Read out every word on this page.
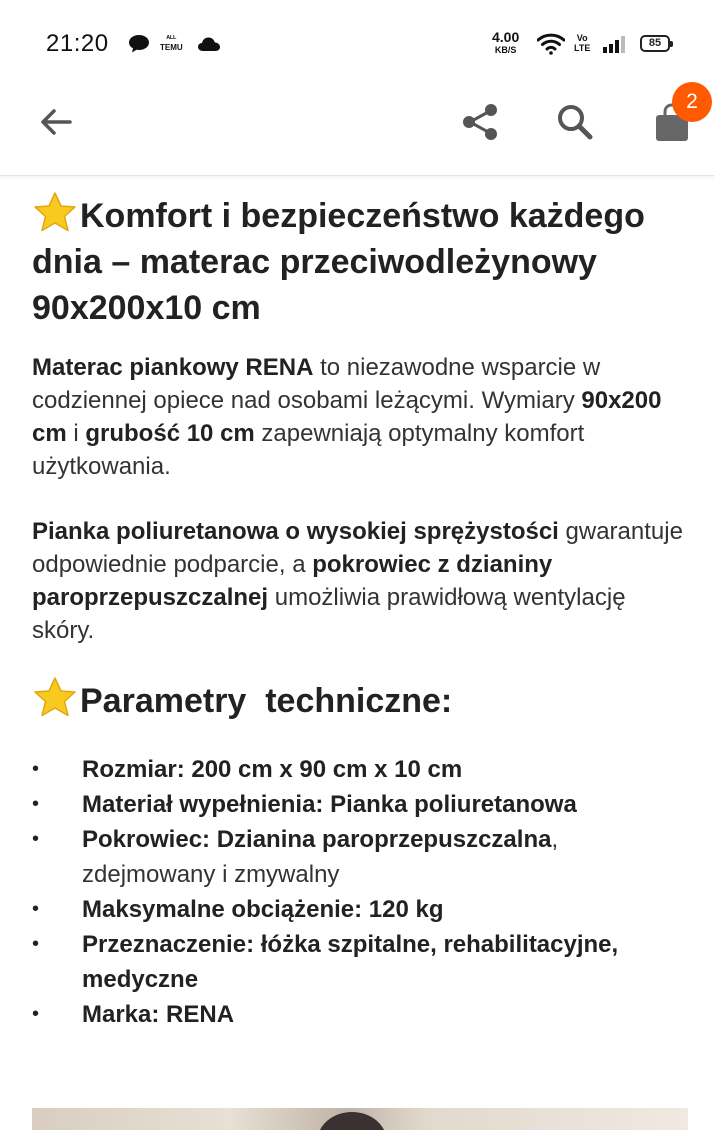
21:20	ᴬᴸᴸ
TEMU
4.00
KB/S
Vo
LTE	85
2
Komfort i bezpieczeństwo każdego dnia – materac przeciwodleżynowy 90x200x10 cm

Materac piankowy RENA to niezawodne wsparcie w codziennej opiece nad osobami leżącymi. Wymiary 90x200 cm i grubość 10 cm zapewniają optymalny komfort użytkowania.

Pianka poliuretanowa o wysokiej sprężystości gwarantuje odpowiednie podparcie, a pokrowiec z dzianiny paroprzepuszczalnej umożliwia prawidłową wentylację skóry.

Parametry  techniczne:
• Rozmiar: 200 cm x 90 cm x 10 cm
• Materiał wypełnienia: Pianka poliuretanowa
• Pokrowiec: Dzianina paroprzepuszczalna, zdejmowany i zmywalny
• Maksymalne obciążenie: 120 kg
• Przeznaczenie: łóżka szpitalne, rehabilitacyjne, medyczne
• Marka: RENA
